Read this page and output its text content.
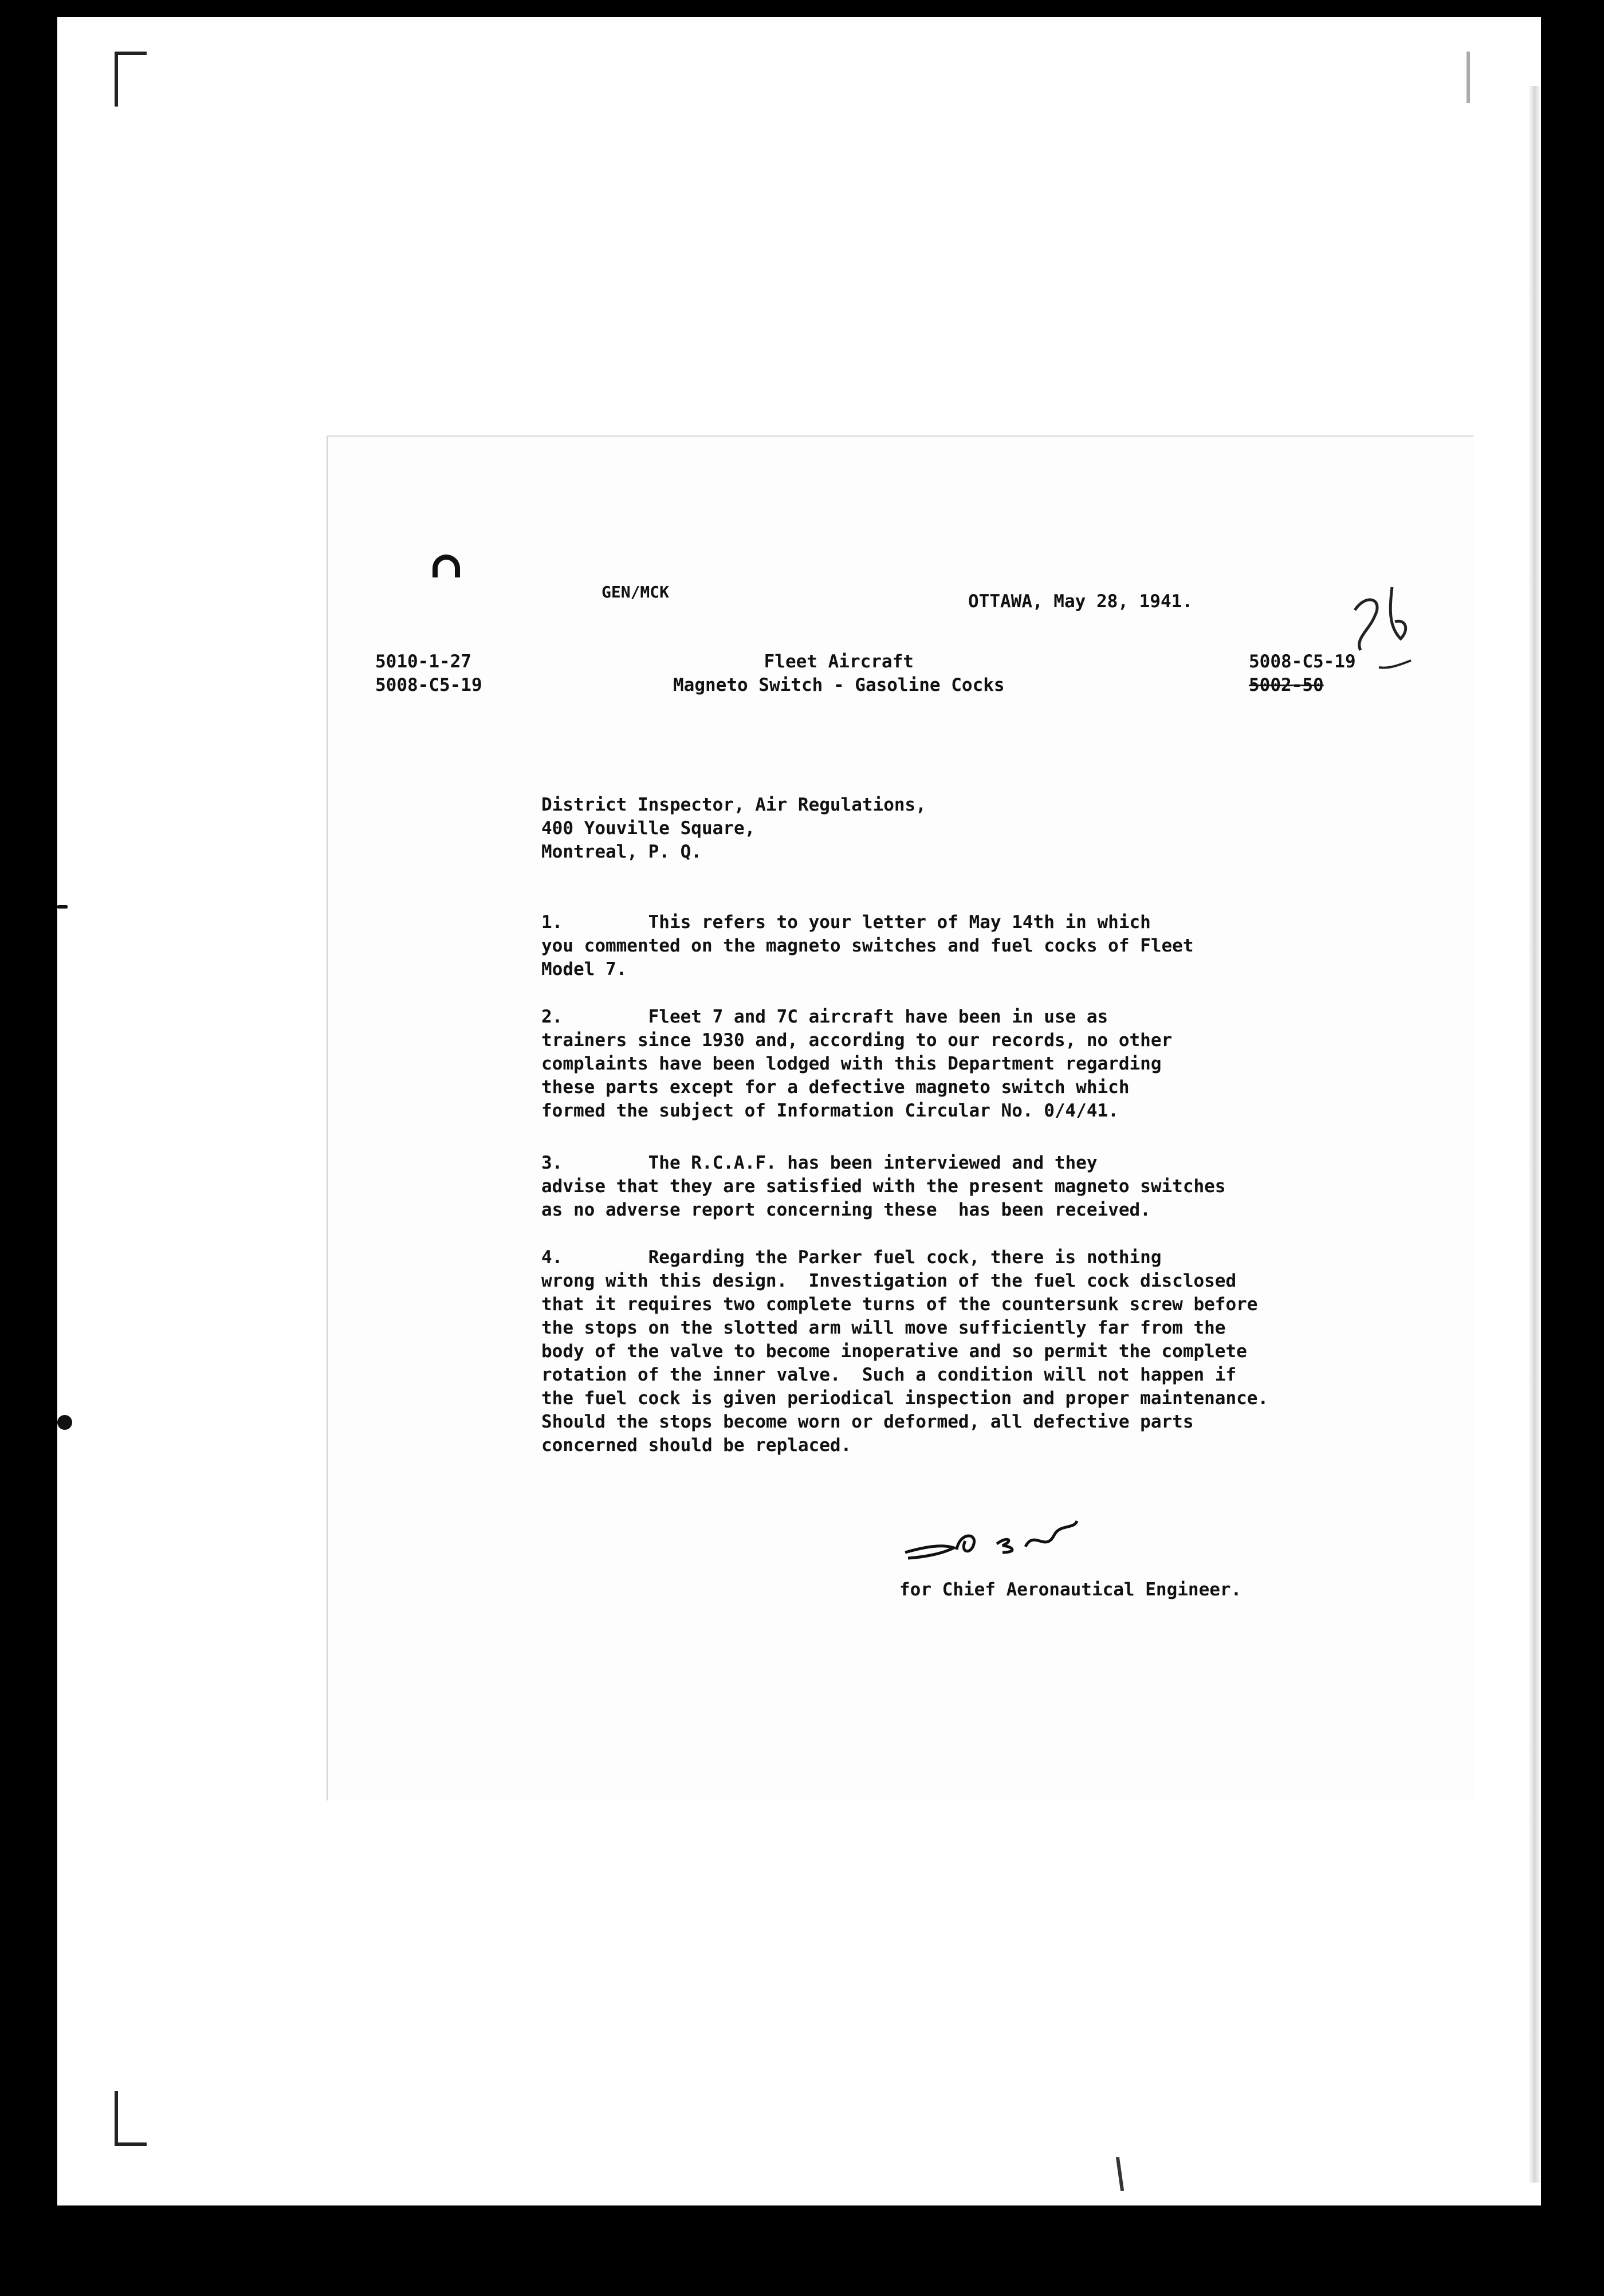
GEN/MCK	OTTAWA, May 28, 1941.
5010-1-27
5008-C5-19
5008-C5-19
5002-50
Fleet Aircraft
Magneto Switch - Gasoline Cocks
District Inspector, Air Regulations,
400 Youville Square,
Montreal, P. Q.
1.        This refers to your letter of May 14th in which
you commented on the magneto switches and fuel cocks of Fleet
Model 7.
2.        Fleet 7 and 7C aircraft have been in use as
trainers since 1930 and, according to our records, no other
complaints have been lodged with this Department regarding
these parts except for a defective magneto switch which
formed the subject of Information Circular No. 0/4/41.
3.        The R.C.A.F. has been interviewed and they
advise that they are satisfied with the present magneto switches
as no adverse report concerning these  has been received.
4.        Regarding the Parker fuel cock, there is nothing
wrong with this design.  Investigation of the fuel cock disclosed
that it requires two complete turns of the countersunk screw before
the stops on the slotted arm will move sufficiently far from the
body of the valve to become inoperative and so permit the complete
rotation of the inner valve.  Such a condition will not happen if
the fuel cock is given periodical inspection and proper maintenance.
Should the stops become worn or deformed, all defective parts
concerned should be replaced.
for Chief Aeronautical Engineer.
